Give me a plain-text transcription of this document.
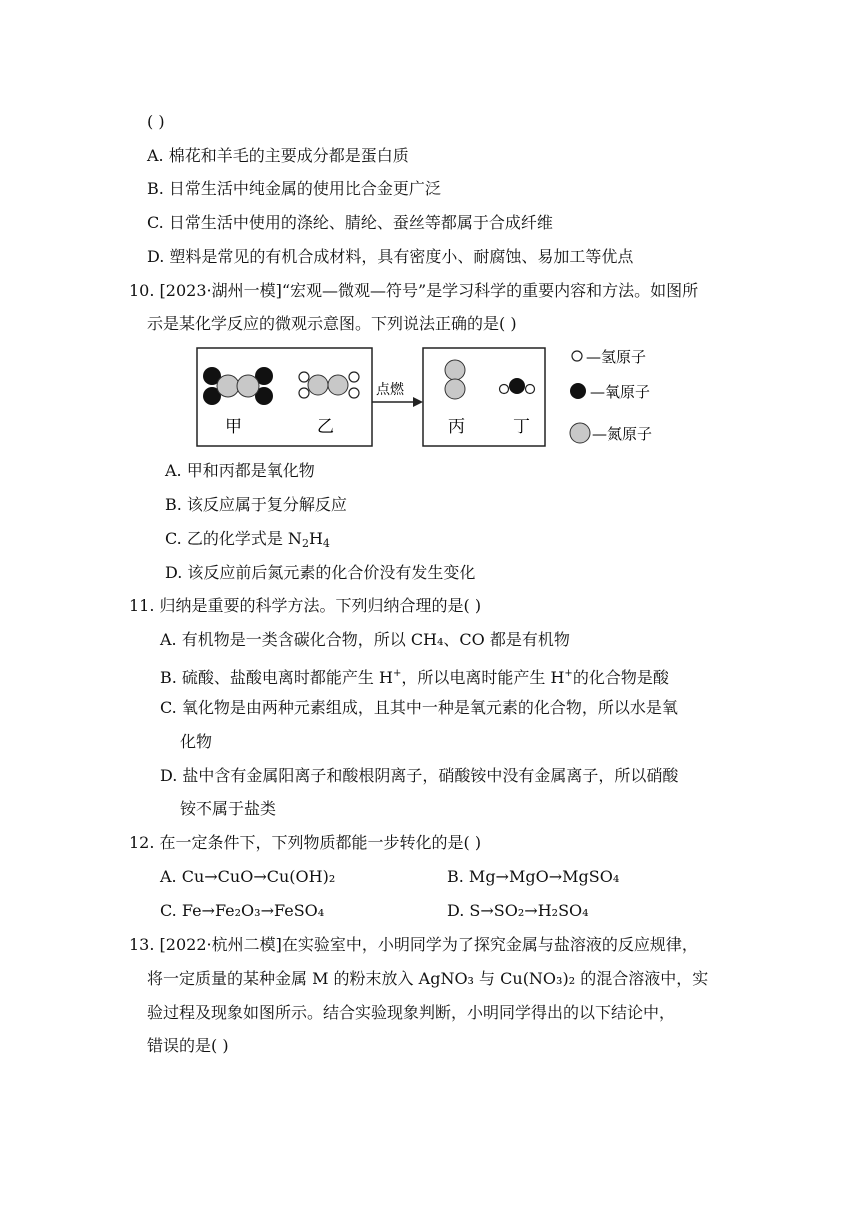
( )
A. 棉花和羊毛的主要成分都是蛋白质
B. 日常生活中纯金属的使用比合金更广泛
C. 日常生活中使用的涤纶、腈纶、蚕丝等都属于合成纤维
D. 塑料是常见的有机合成材料，具有密度小、耐腐蚀、易加工等优点
10. [2023·湖州一模]“宏观—微观—符号”是学习科学的重要内容和方法。如图所
示是某化学反应的微观示意图。下列说法正确的是( )
甲	乙
点燃
丙	丁
—氢原子
—氧原子
—氮原子
A. 甲和丙都是氧化物
B. 该反应属于复分解反应
C. 乙的化学式是 $N_2H_4$
D. 该反应前后氮元素的化合价没有发生变化
11. 归纳是重要的科学方法。下列归纳合理的是( )
A. 有机物是一类含碳化合物，所以 CH₄、CO 都是有机物
B. 硫酸、盐酸电离时都能产生 H+，所以电离时能产生 H+的化合物是酸
C. 氧化物是由两种元素组成，且其中一种是氧元素的化合物，所以水是氧
化物
D. 盐中含有金属阳离子和酸根阴离子，硝酸铵中没有金属离子，所以硝酸
铵不属于盐类
12. 在一定条件下，下列物质都能一步转化的是( )
A. Cu→CuO→Cu(OH)₂	B. Mg→MgO→MgSO₄
C. Fe→Fe₂O₃→FeSO₄	D. S→SO₂→H₂SO₄
13. [2022·杭州二模]在实验室中，小明同学为了探究金属与盐溶液的反应规律，
将一定质量的某种金属 M 的粉末放入 AgNO₃ 与 Cu(NO₃)₂ 的混合溶液中，实
验过程及现象如图所示。结合实验现象判断，小明同学得出的以下结论中，
错误的是( )
